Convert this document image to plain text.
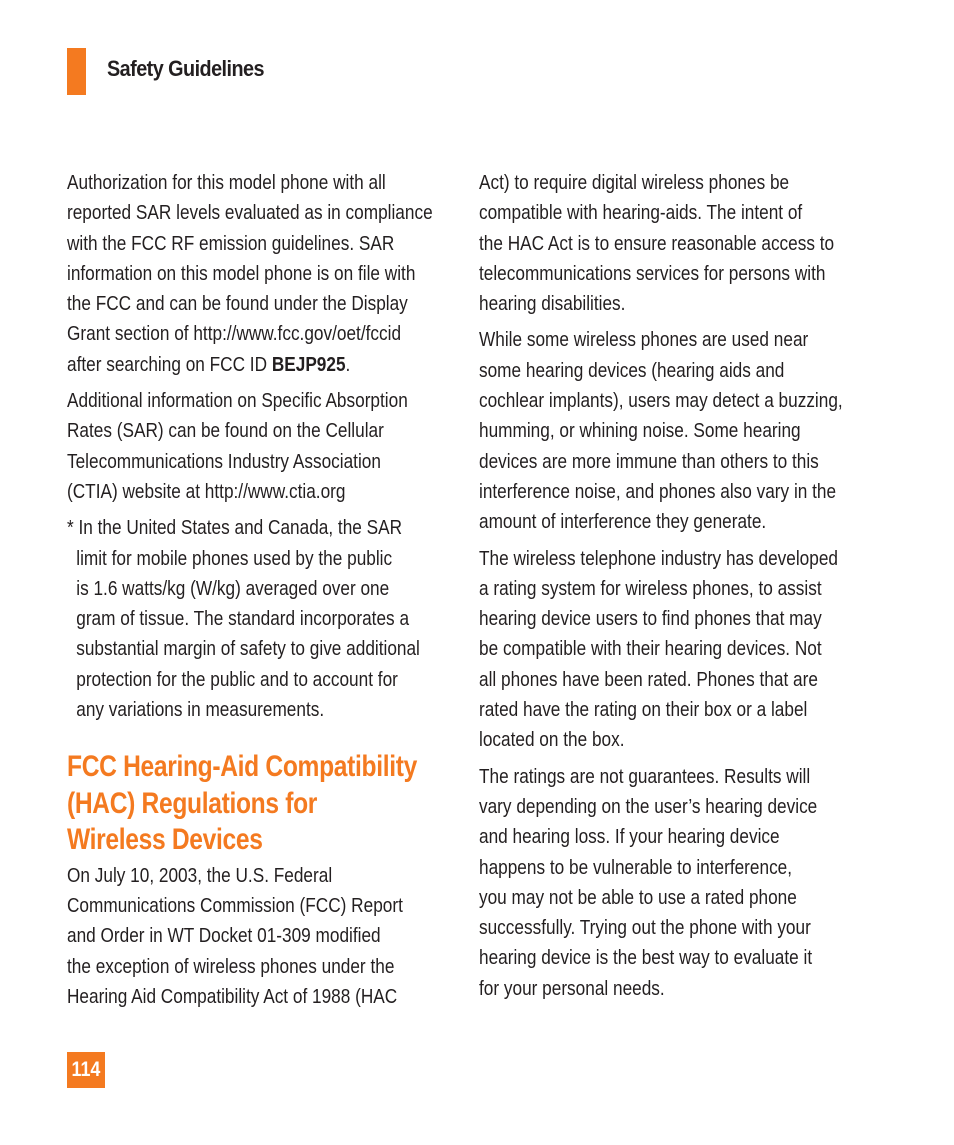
Safety Guidelines
Authorization for this model phone with all
reported SAR levels evaluated as in compliance
with the FCC RF emission guidelines. SAR
information on this model phone is on file with
the FCC and can be found under the Display
Grant section of http://www.fcc.gov/oet/fccid
after searching on FCC ID BEJP925.
Additional information on Specific Absorption
Rates (SAR) can be found on the Cellular
Telecommunications Industry Association
(CTIA) website at http://www.ctia.org
* In the United States and Canada, the SAR
limit for mobile phones used by the public
is 1.6 watts/kg (W/kg) averaged over one
gram of tissue. The standard incorporates a
substantial margin of safety to give additional
protection for the public and to account for
any variations in measurements.
FCC Hearing-Aid Compatibility
(HAC) Regulations for
Wireless Devices
On July 10, 2003, the U.S. Federal
Communications Commission (FCC) Report
and Order in WT Docket 01-309 modified
the exception of wireless phones under the
Hearing Aid Compatibility Act of 1988 (HAC
Act) to require digital wireless phones be
compatible with hearing-aids. The intent of
the HAC Act is to ensure reasonable access to
telecommunications services for persons with
hearing disabilities.
While some wireless phones are used near
some hearing devices (hearing aids and
cochlear implants), users may detect a buzzing,
humming, or whining noise. Some hearing
devices are more immune than others to this
interference noise, and phones also vary in the
amount of interference they generate.
The wireless telephone industry has developed
a rating system for wireless phones, to assist
hearing device users to find phones that may
be compatible with their hearing devices. Not
all phones have been rated. Phones that are
rated have the rating on their box or a label
located on the box.
The ratings are not guarantees. Results will
vary depending on the user’s hearing device
and hearing loss. If your hearing device
happens to be vulnerable to interference,
you may not be able to use a rated phone
successfully. Trying out the phone with your
hearing device is the best way to evaluate it
for your personal needs.
114
